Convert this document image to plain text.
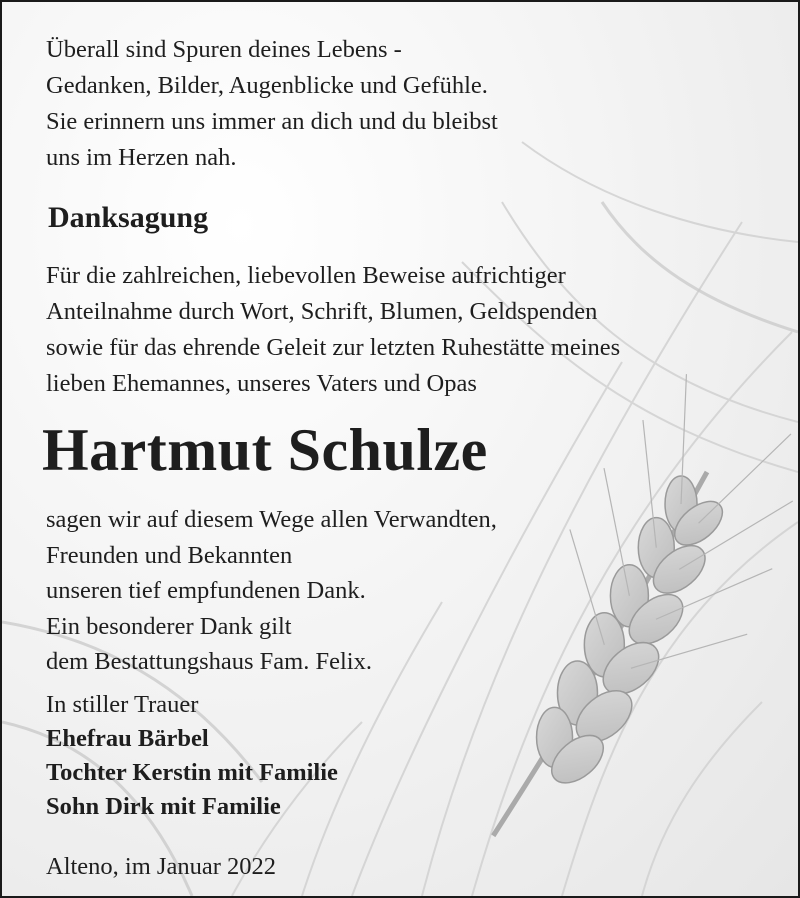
Überall sind Spuren deines Lebens -
Gedanken, Bilder, Augenblicke und Gefühle.
Sie erinnern uns immer an dich und du bleibst
uns im Herzen nah.

Danksagung

Für die zahlreichen, liebevollen Beweise aufrichtiger
Anteilnahme durch Wort, Schrift, Blumen, Geldspenden
sowie für das ehrende Geleit zur letzten Ruhestätte meines
lieben Ehemannes, unseres Vaters und Opas

Hartmut Schulze

sagen wir auf diesem Wege allen Verwandten,
Freunden und Bekannten
unseren tief empfundenen Dank.
Ein besonderer Dank gilt
dem Bestattungshaus Fam. Felix.

In stiller Trauer
Ehefrau Bärbel
Tochter Kerstin mit Familie
Sohn Dirk mit Familie

Alteno, im Januar 2022
